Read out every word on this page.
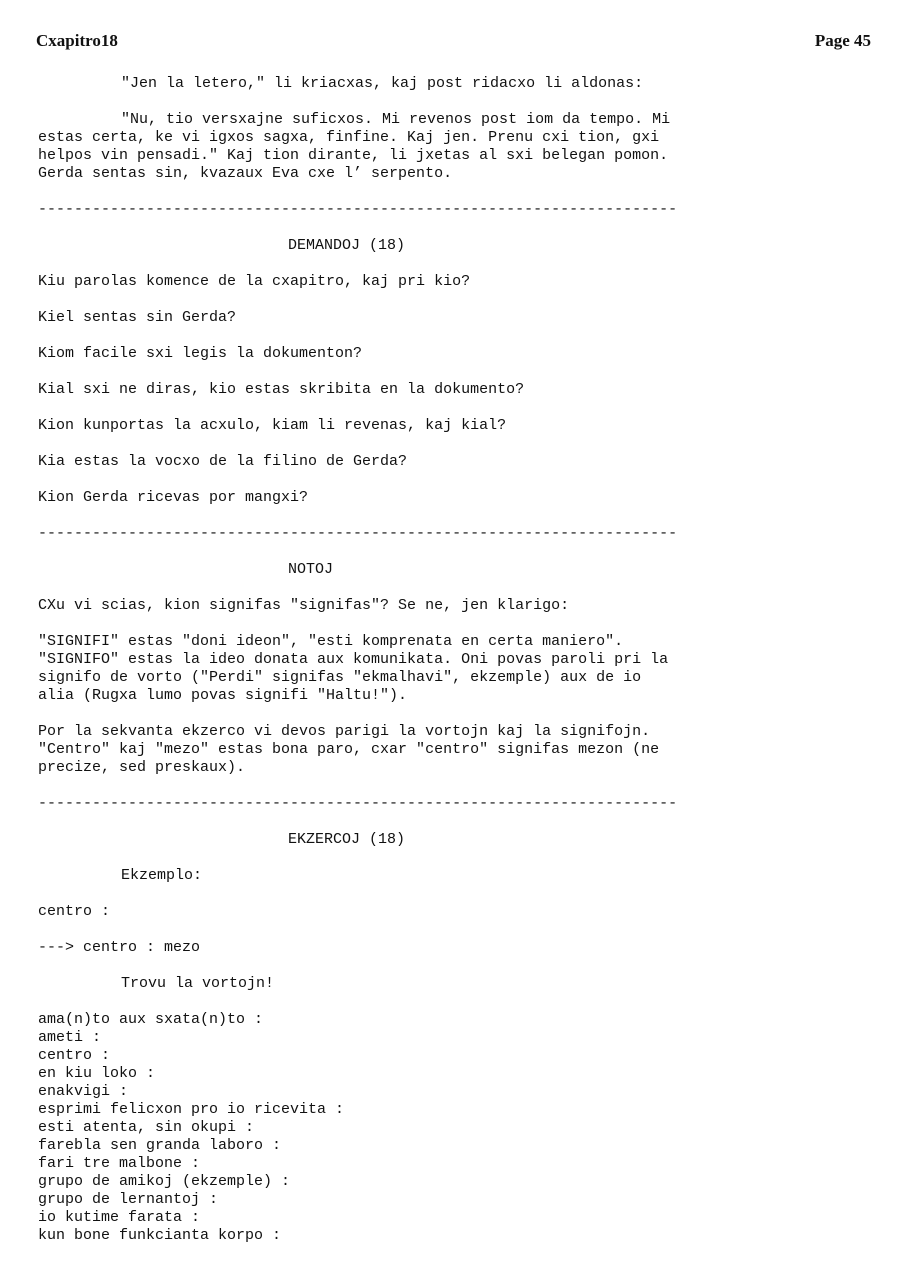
Cxapitro18	Page 45
"Jen la letero," li kriacxas, kaj post ridacxo li aldonas:
"Nu, tio versxajne suficxos. Mi revenos post iom da tempo. Mi
estas certa, ke vi igxos sagxa, finfine. Kaj jen. Prenu cxi tion, gxi
helpos vin pensadi." Kaj tion dirante, li jxetas al sxi belegan pomon.
Gerda sentas sin, kvazaux Eva cxe l’ serpento.
-----------------------------------------------------------------------
DEMANDOJ (18)
Kiu parolas komence de la cxapitro, kaj pri kio?
Kiel sentas sin Gerda?
Kiom facile sxi legis la dokumenton?
Kial sxi ne diras, kio estas skribita en la dokumento?
Kion kunportas la acxulo, kiam li revenas, kaj kial?
Kia estas la vocxo de la filino de Gerda?
Kion Gerda ricevas por mangxi?
-----------------------------------------------------------------------
NOTOJ
CXu vi scias, kion signifas "signifas"? Se ne, jen klarigo:
"SIGNIFI" estas "doni ideon", "esti komprenata en certa maniero".
"SIGNIFO" estas la ideo donata aux komunikata. Oni povas paroli pri la
signifo de vorto ("Perdi" signifas "ekmalhavi", ekzemple) aux de io
alia (Rugxa lumo povas signifi "Haltu!").
Por la sekvanta ekzerco vi devos parigi la vortojn kaj la signifojn.
"Centro" kaj "mezo" estas bona paro, cxar "centro" signifas mezon (ne
precize, sed preskaux).
-----------------------------------------------------------------------
EKZERCOJ (18)
Ekzemplo:
centro :
---> centro : mezo
Trovu la vortojn!
ama(n)to aux sxata(n)to :
ameti :
centro :
en kiu loko :
enakvigi :
esprimi felicxon pro io ricevita :
esti atenta, sin okupi :
farebla sen granda laboro :
fari tre malbone :
grupo de amikoj (ekzemple) :
grupo de lernantoj :
io kutime farata :
kun bone funkcianta korpo :
